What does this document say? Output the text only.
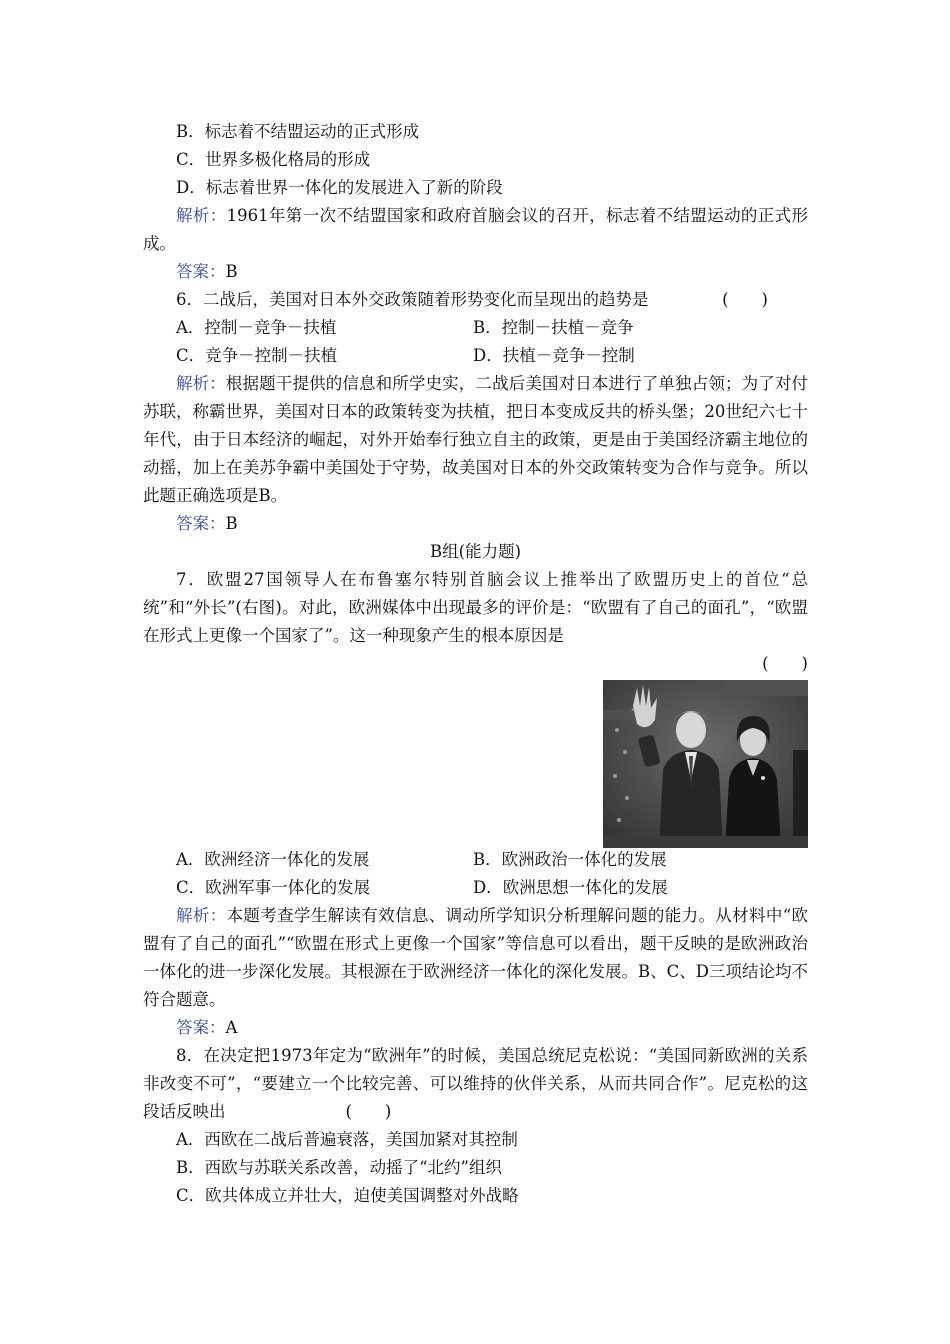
B．标志着不结盟运动的正式形成
C．世界多极化格局的形成
D．标志着世界一体化的发展进入了新的阶段
解析：1961年第一次不结盟国家和政府首脑会议的召开，标志着不结盟运动的正式形成。
答案：B
6．二战后，美国对日本外交政策随着形势变化而呈现出的趋势是	(　　)
A．控制－竞争－扶植	B．控制－扶植－竞争
C．竞争－控制－扶植	D．扶植－竞争－控制
解析：根据题干提供的信息和所学史实，二战后美国对日本进行了单独占领；为了对付苏联，称霸世界，美国对日本的政策转变为扶植，把日本变成反共的桥头堡；20世纪六七十年代，由于日本经济的崛起，对外开始奉行独立自主的政策，更是由于美国经济霸主地位的动摇，加上在美苏争霸中美国处于守势，故美国对日本的外交政策转变为合作与竞争。所以此题正确选项是B。
答案：B
B组(能力题)
7．欧盟27国领导人在布鲁塞尔特别首脑会议上推举出了欧盟历史上的首位“总统”和“外长”(右图)。对此，欧洲媒体中出现最多的评价是：“欧盟有了自己的面孔”，“欧盟在形式上更像一个国家了”。这一种现象产生的根本原因是
(　　)
A．欧洲经济一体化的发展	B．欧洲政治一体化的发展
C．欧洲军事一体化的发展	D．欧洲思想一体化的发展
解析：本题考查学生解读有效信息、调动所学知识分析理解问题的能力。从材料中“欧盟有了自己的面孔”“欧盟在形式上更像一个国家”等信息可以看出，题干反映的是欧洲政治一体化的进一步深化发展。其根源在于欧洲经济一体化的深化发展。B、C、D三项结论均不符合题意。
答案：A
8．在决定把1973年定为“欧洲年”的时候，美国总统尼克松说：“美国同新欧洲的关系非改变不可”，“要建立一个比较完善、可以维持的伙伴关系，从而共同合作”。尼克松的这段话反映出	(　　)
A．西欧在二战后普遍衰落，美国加紧对其控制
B．西欧与苏联关系改善，动摇了“北约”组织
C．欧共体成立并壮大，迫使美国调整对外战略
